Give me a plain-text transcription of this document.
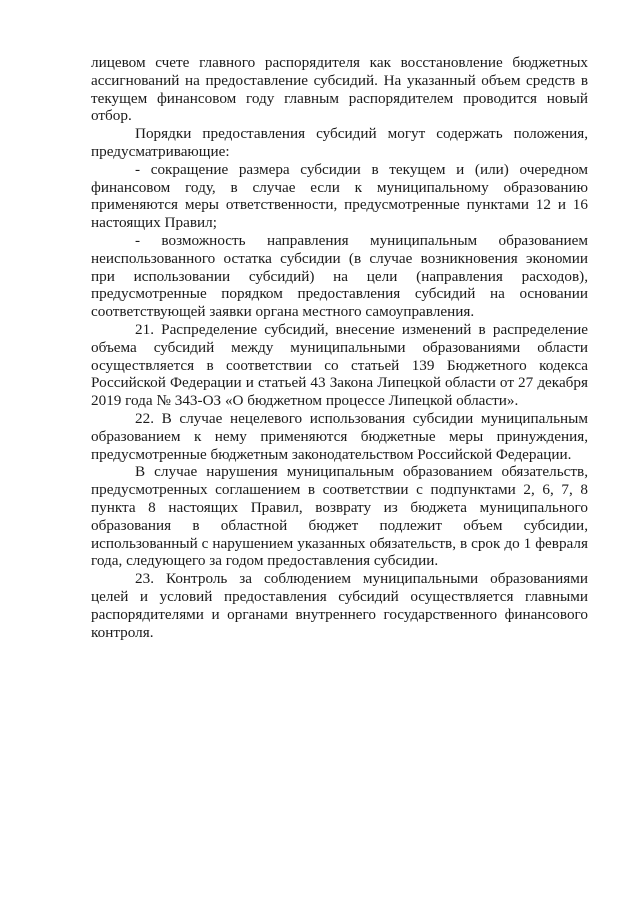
лицевом счете главного распорядителя как восстановление бюджетных ассигнований на предоставление субсидий. На указанный объем средств в текущем финансовом году главным распорядителем проводится новый отбор.

Порядки предоставления субсидий могут содержать положения, предусматривающие:

- сокращение размера субсидии в текущем и (или) очередном финансовом году, в случае если к муниципальному образованию применяются меры ответственности, предусмотренные пунктами 12 и 16 настоящих Правил;

- возможность направления муниципальным образованием неиспользованного остатка субсидии (в случае возникновения экономии при использовании субсидий) на цели (направления расходов), предусмотренные порядком предоставления субсидий на основании соответствующей заявки органа местного самоуправления.

21. Распределение субсидий, внесение изменений в распределение объема субсидий между муниципальными образованиями области осуществляется в соответствии со статьей 139 Бюджетного кодекса Российской Федерации и статьей 43 Закона Липецкой области от 27 декабря 2019 года № 343-ОЗ «О бюджетном процессе Липецкой области».

22. В случае нецелевого использования субсидии муниципальным образованием к нему применяются бюджетные меры принуждения, предусмотренные бюджетным законодательством Российской Федерации.

В случае нарушения муниципальным образованием обязательств, предусмотренных соглашением в соответствии с подпунктами 2, 6, 7, 8 пункта 8 настоящих Правил, возврату из бюджета муниципального образования в областной бюджет подлежит объем субсидии, использованный с нарушением указанных обязательств, в срок до 1 февраля года, следующего за годом предоставления субсидии.

23. Контроль за соблюдением муниципальными образованиями целей и условий предоставления субсидий осуществляется главными распорядителями и органами внутреннего государственного финансового контроля.
